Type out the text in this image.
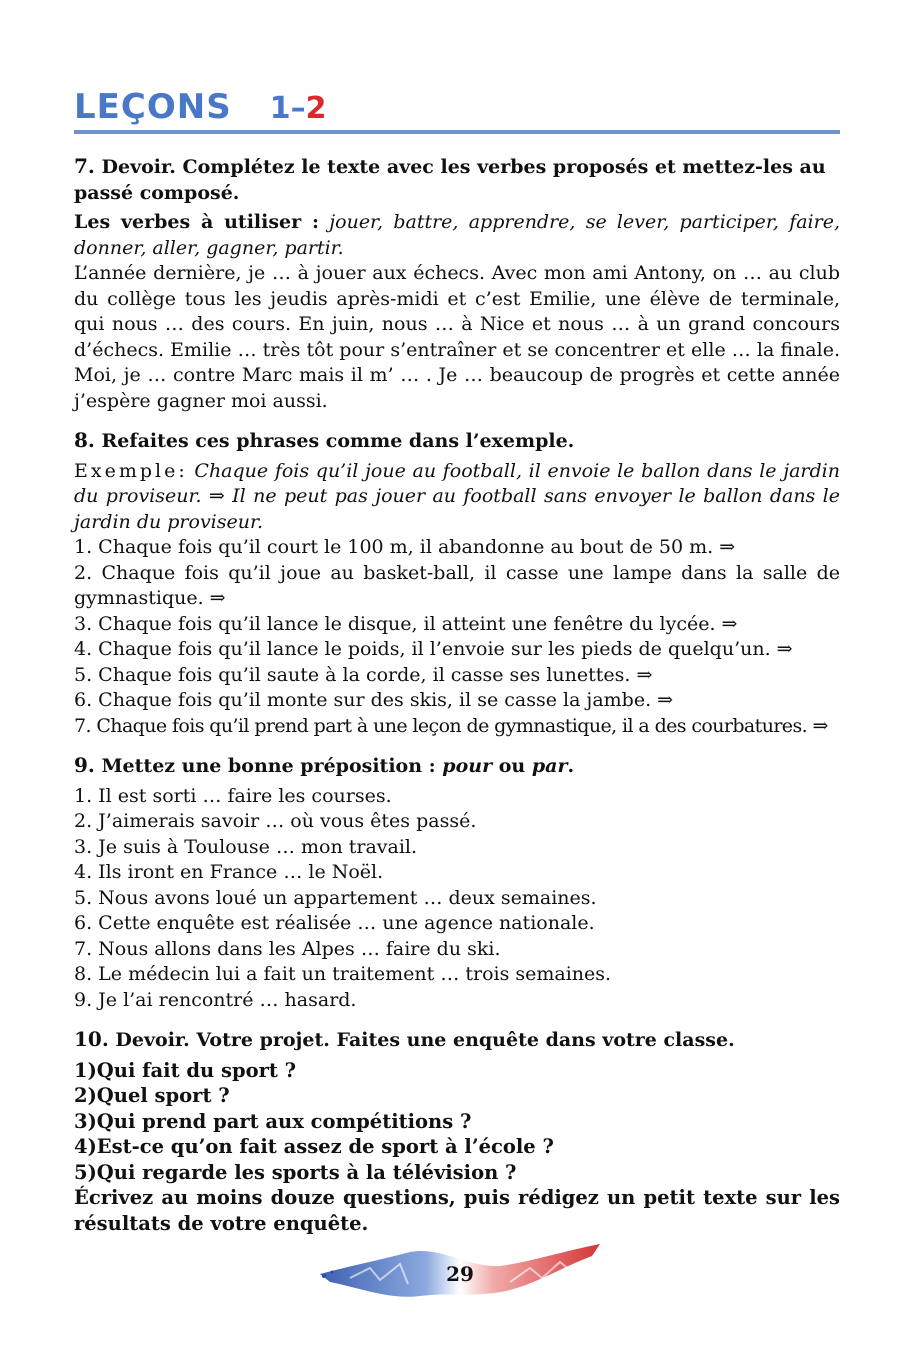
LEÇONS 1–2
7. Devoir. Complétez le texte avec les verbes proposés et mettez-les au passé composé.

Les verbes à utiliser : jouer, battre, apprendre, se lever, participer, faire, donner, aller, gagner, partir.

L’année dernière, je … à jouer aux échecs. Avec mon ami Antony, on … au club du collège tous les jeudis après-midi et c’est Emilie, une élève de terminale, qui nous … des cours. En juin, nous … à Nice et nous … à un grand concours d’échecs. Emilie … très tôt pour s’entraîner et se concentrer et elle … la finale. Moi, je … contre Marc mais il m’ … . Je … beaucoup de progrès et cette année j’espère gagner moi aussi.

8. Refaites ces phrases comme dans l’exemple.

Exemple: Chaque fois qu’il joue au football, il envoie le ballon dans le jardin du proviseur. ⇒ Il ne peut pas jouer au football sans envoyer le ballon dans le jardin du proviseur.

1. Chaque fois qu’il court le 100 m, il abandonne au bout de 50 m. ⇒
2. Chaque fois qu’il joue au basket-ball, il casse une lampe dans la salle de gymnastique. ⇒
3. Chaque fois qu’il lance le disque, il atteint une fenêtre du lycée. ⇒
4. Chaque fois qu’il lance le poids, il l’envoie sur les pieds de quelqu’un. ⇒
5. Chaque fois qu’il saute à la corde, il casse ses lunettes. ⇒
6. Chaque fois qu’il monte sur des skis, il se casse la jambe. ⇒
7. Chaque fois qu’il prend part à une leçon de gymnastique, il a des courbatures. ⇒
9. Mettez une bonne préposition : pour ou par.
1. Il est sorti … faire les courses.
2. J’aimerais savoir … où vous êtes passé.
3. Je suis à Toulouse … mon travail.
4. Ils iront en France … le Noël.
5. Nous avons loué un appartement … deux semaines.
6. Cette enquête est réalisée … une agence nationale.
7. Nous allons dans les Alpes … faire du ski.
8. Le médecin lui a fait un traitement … trois semaines.
9. Je l’ai rencontré … hasard.
10. Devoir. Votre projet. Faites une enquête dans votre classe.
1)Qui fait du sport ?
2)Quel sport ?
3)Qui prend part aux compétitions ?
4)Est-ce qu’on fait assez de sport à l’école ?
5)Qui regarde les sports à la télévision ?

Écrivez au moins douze questions, puis rédigez un petit texte sur les résultats de votre enquête.

29
